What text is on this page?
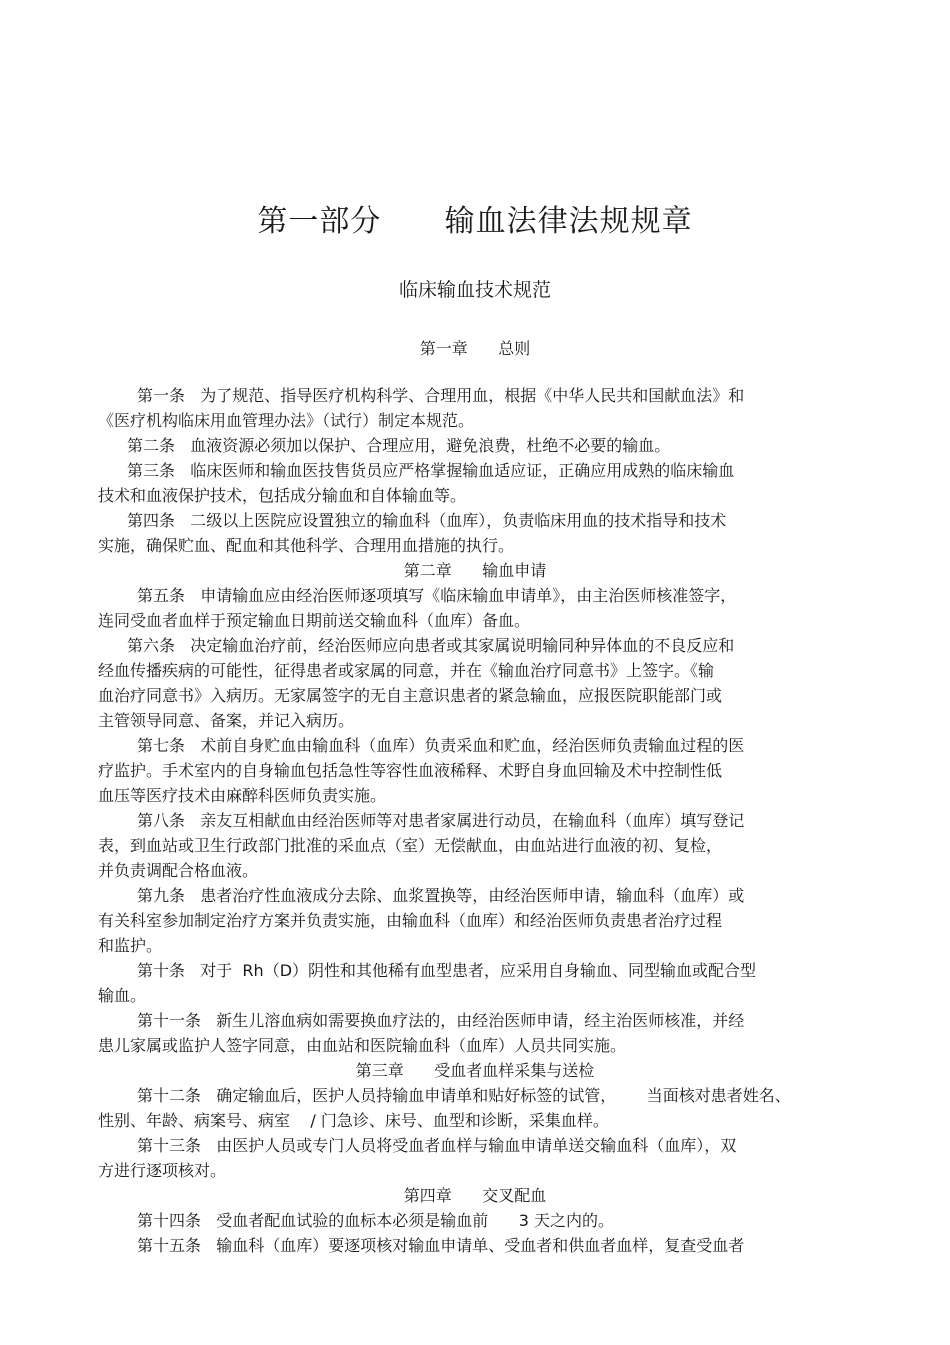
第一部分      输血法律法规规章
临床输血技术规范
第一章      总则
第一条   为了规范、指导医疗机构科学、合理用血，根据《中华人民共和国献血法》和
《医疗机构临床用血管理办法》（试行）制定本规范。
第二条   血液资源必须加以保护、合理应用，避免浪费，杜绝不必要的输血。
第三条   临床医师和输血医技售货员应严格掌握输血适应证，正确应用成熟的临床输血
技术和血液保护技术，包括成分输血和自体输血等。
第四条   二级以上医院应设置独立的输血科（血库），负责临床用血的技术指导和技术
实施，确保贮血、配血和其他科学、合理用血措施的执行。
第二章      输血申请
第五条   申请输血应由经治医师逐项填写《临床输血申请单》，由主治医师核准签字，
连同受血者血样于预定输血日期前送交输血科（血库）备血。
第六条   决定输血治疗前，经治医师应向患者或其家属说明输同种异体血的不良反应和
经血传播疾病的可能性，征得患者或家属的同意，并在《输血治疗同意书》上签字。《输
血治疗同意书》入病历。无家属签字的无自主意识患者的紧急输血，应报医院职能部门或
主管领导同意、备案，并记入病历。
第七条   术前自身贮血由输血科（血库）负责采血和贮血，经治医师负责输血过程的医
疗监护。手术室内的自身输血包括急性等容性血液稀释、术野自身血回输及术中控制性低
血压等医疗技术由麻醉科医师负责实施。
第八条   亲友互相献血由经治医师等对患者家属进行动员，在输血科（血库）填写登记
表，到血站或卫生行政部门批准的采血点（室）无偿献血，由血站进行血液的初、复检，
并负责调配合格血液。
第九条   患者治疗性血液成分去除、血浆置换等，由经治医师申请，输血科（血库）或
有关科室参加制定治疗方案并负责实施，由输血科（血库）和经治医师负责患者治疗过程
和监护。
第十条   对于  Rh（D）阴性和其他稀有血型患者，应采用自身输血、同型输血或配合型
输血。
第十一条   新生儿溶血病如需要换血疗法的，由经治医师申请，经主治医师核准，并经
患儿家属或监护人签字同意，由血站和医院输血科（血库）人员共同实施。
第三章      受血者血样采集与送检
第十二条   确定输血后，医护人员持输血申请单和贴好标签的试管，      当面核对患者姓名、
性别、年龄、病案号、病室    / 门急诊、床号、血型和诊断，采集血样。
第十三条   由医护人员或专门人员将受血者血样与输血申请单送交输血科（血库），双
方进行逐项核对。
第四章      交叉配血
第十四条   受血者配血试验的血标本必须是输血前      3 天之内的。
第十五条   输血科（血库）要逐项核对输血申请单、受血者和供血者血样，复查受血者
